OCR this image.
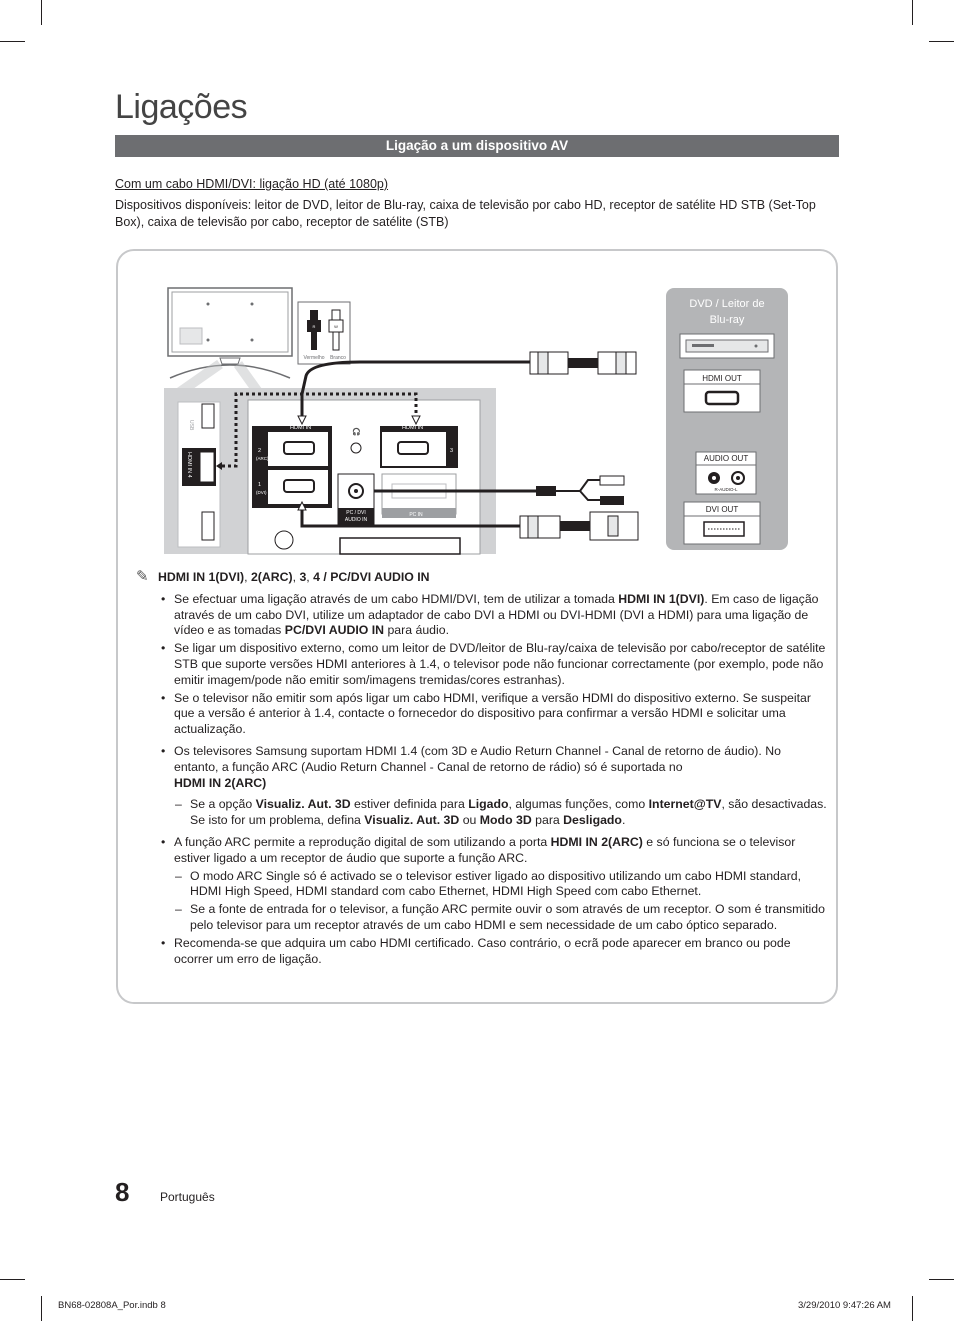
Ligações
Ligação a um dispositivo AV
Com um cabo HDMI/DVI: ligação HD (até 1080p)
Dispositivos disponíveis: leitor de DVD, leitor de Blu-ray, caixa de televisão por cabo HD, receptor de satélite HD STB (Set-Top Box), caixa de televisão por cabo, receptor de satélite (STB)
R	W
Vermelho Branco
USB
HDMI IN 4
HDMI IN
2
(ARC)
1
(DVI)
🎧
HDMI IN
3
PC / DVI
AUDIO IN
PC IN
DVD / Leitor de
Blu-ray
HDMI OUT
AUDIO OUT
R-AUDIO-L
DVI OUT
✎ HDMI IN 1(DVI), 2(ARC), 3, 4 / PC/DVI AUDIO IN
• Se efectuar uma ligação através de um cabo HDMI/DVI, tem de utilizar a tomada HDMI IN 1(DVI). Em caso de ligação através de um cabo DVI, utilize um adaptador de cabo DVI a HDMI ou DVI-HDMI (DVI a HDMI) para uma ligação de vídeo e as tomadas PC/DVI AUDIO IN para áudio.
• Se ligar um dispositivo externo, como um leitor de DVD/leitor de Blu-ray/caixa de televisão por cabo/receptor de satélite STB que suporte versões HDMI anteriores à 1.4, o televisor pode não funcionar correctamente (por exemplo, pode não emitir imagem/pode não emitir som/imagens tremidas/cores estranhas).
• Se o televisor não emitir som após ligar um cabo HDMI, verifique a versão HDMI do dispositivo externo. Se suspeitar que a versão é anterior à 1.4, contacte o fornecedor do dispositivo para confirmar a versão HDMI e solicitar uma actualização.
• Os televisores Samsung suportam HDMI 1.4 (com 3D e Audio Return Channel - Canal de retorno de áudio). No entanto, a função ARC (Audio Return Channel - Canal de retorno de rádio) só é suportada no
HDMI IN 2(ARC)
– Se a opção Visualiz. Aut. 3D estiver definida para Ligado, algumas funções, como Internet@TV, são desactivadas. Se isto for um problema, defina Visualiz. Aut. 3D ou Modo 3D para Desligado.
• A função ARC permite a reprodução digital de som utilizando a porta HDMI IN 2(ARC) e só funciona se o televisor estiver ligado a um receptor de áudio que suporte a função ARC.
– O modo ARC Single só é activado se o televisor estiver ligado ao dispositivo utilizando um cabo HDMI standard, HDMI High Speed, HDMI standard com cabo Ethernet, HDMI High Speed com cabo Ethernet.
– Se a fonte de entrada for o televisor, a função ARC permite ouvir o som através de um receptor. O som é transmitido pelo televisor para um receptor através de um cabo HDMI e sem necessidade de um cabo óptico separado.
• Recomenda-se que adquira um cabo HDMI certificado. Caso contrário, o ecrã pode aparecer em branco ou pode ocorrer um erro de ligação.
8	Português
BN68-02808A_Por.indb 8	3/29/2010 9:47:26 AM
